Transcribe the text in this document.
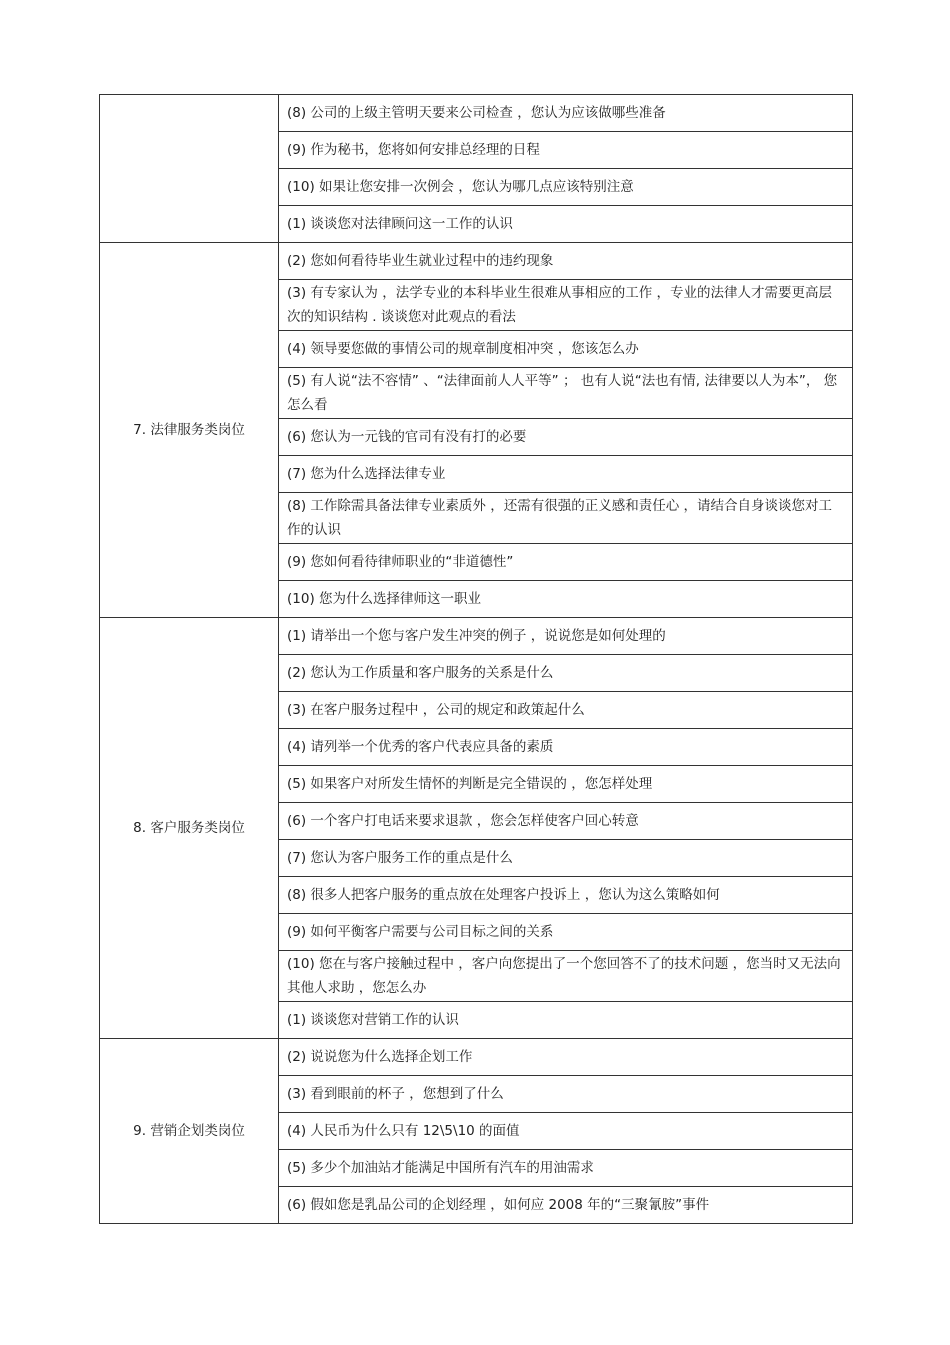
	(8) 公司的上级主管明天要来公司检查 ，您认为应该做哪些准备
	(9) 作为秘书，您将如何安排总经理的日程
	(10) 如果让您安排一次例会 ，您认为哪几点应该特别注意
	(1) 谈谈您对法律顾问这一工作的认识
7. 法律服务类岗位	(2) 您如何看待毕业生就业过程中的违约现象
	(3) 有专家认为 ，法学专业的本科毕业生很难从事相应的工作 ，专业的法律人才需要更高层次的知识结构 . 谈谈您对此观点的看法
	(4) 领导要您做的事情公司的规章制度相冲突 ，您该怎么办
	(5) 有人说“法不容情” 、“法律面前人人平等” ； 也有人说“法也有情, 法律要以人为本”， 您怎么看
	(6) 您认为一元钱的官司有没有打的必要
	(7) 您为什么选择法律专业
	(8) 工作除需具备法律专业素质外 ，还需有很强的正义感和责任心 ，请结合自身谈谈您对工作的认识
	(9) 您如何看待律师职业的“非道德性”
	(10) 您为什么选择律师这一职业
8. 客户服务类岗位	(1) 请举出一个您与客户发生冲突的例子 ，说说您是如何处理的
	(2) 您认为工作质量和客户服务的关系是什么
	(3) 在客户服务过程中 ，公司的规定和政策起什么
	(4) 请列举一个优秀的客户代表应具备的素质
	(5) 如果客户对所发生情怀的判断是完全错误的 ，您怎样处理
	(6) 一个客户打电话来要求退款 ，您会怎样使客户回心转意
	(7) 您认为客户服务工作的重点是什么
	(8) 很多人把客户服务的重点放在处理客户投诉上 ，您认为这么策略如何
	(9) 如何平衡客户需要与公司目标之间的关系
	(10) 您在与客户接触过程中 ，客户向您提出了一个您回答不了的技术问题 ，您当时又无法向其他人求助 ，您怎么办
	(1) 谈谈您对营销工作的认识
9. 营销企划类岗位	(2) 说说您为什么选择企划工作
	(3) 看到眼前的杯子 ，您想到了什么
	(4) 人民币为什么只有 12\5\10 的面值
	(5) 多少个加油站才能满足中国所有汽车的用油需求
	(6) 假如您是乳品公司的企划经理 ，如何应 2008 年的“三聚氰胺”事件
